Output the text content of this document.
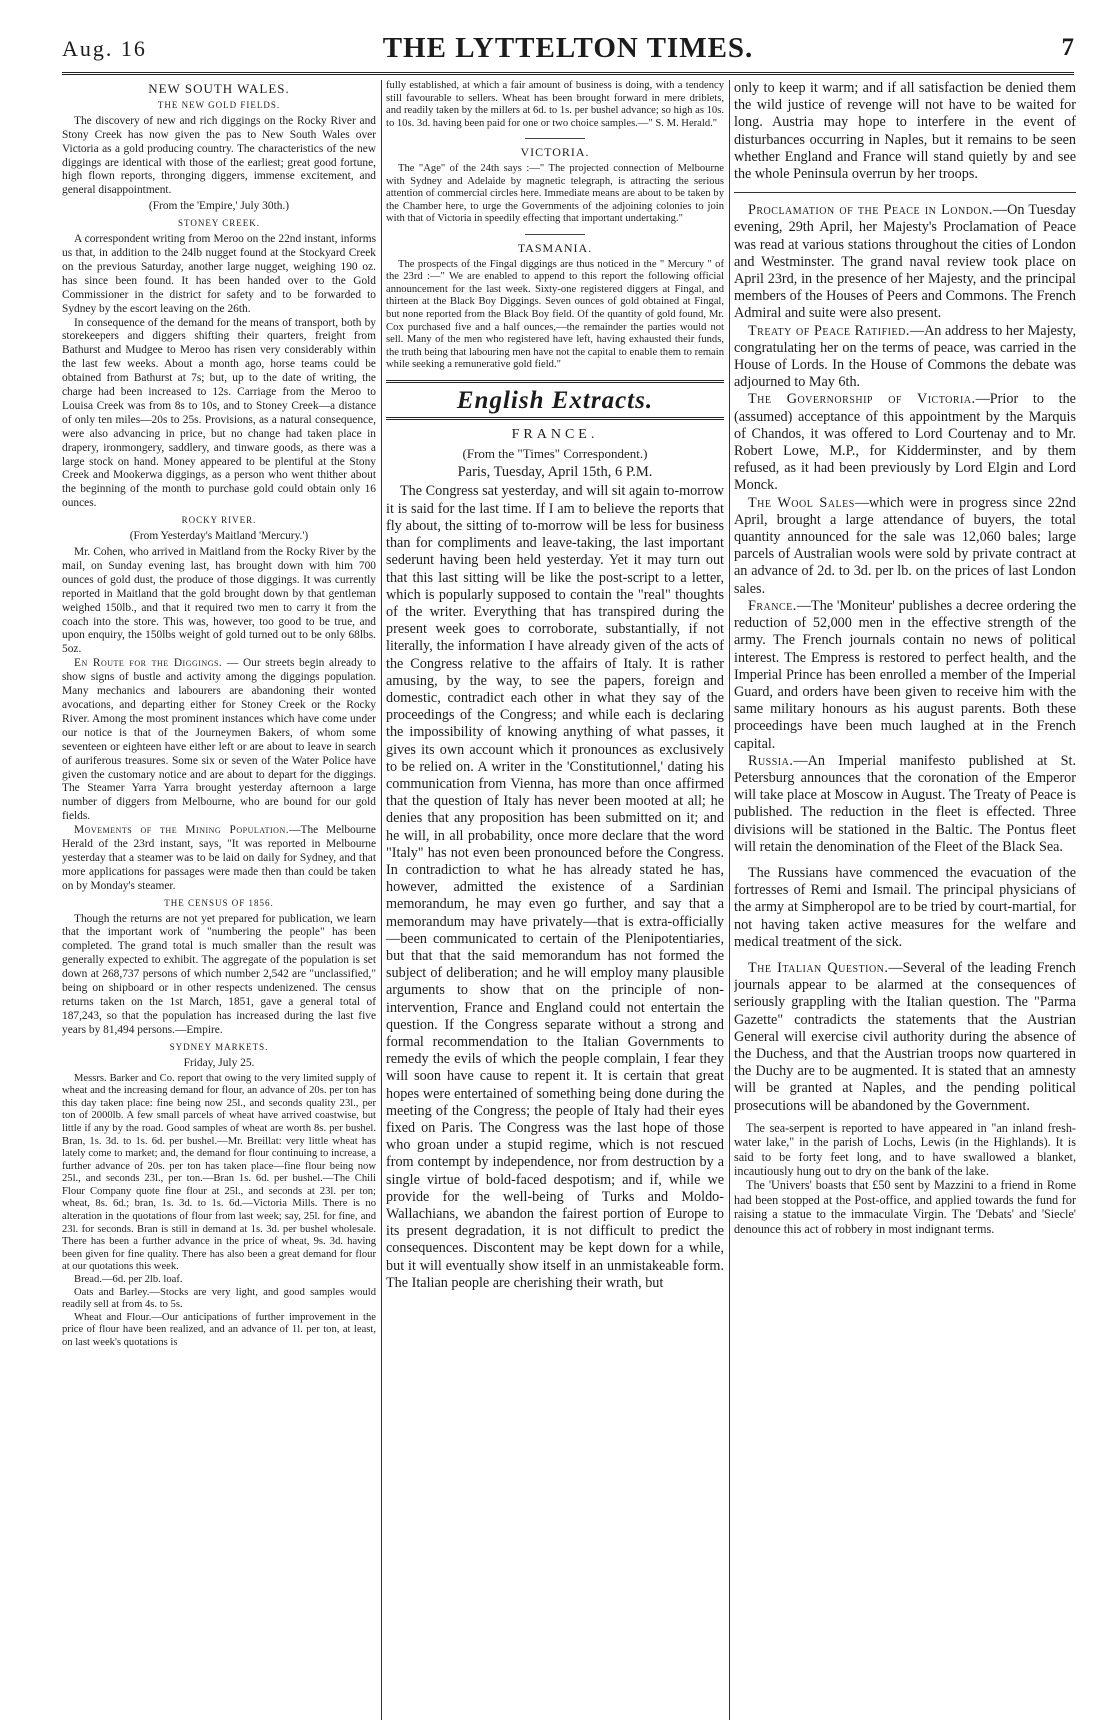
Aug. 16	THE LYTTELTON TIMES.	7

NEW SOUTH WALES.

THE NEW GOLD FIELDS.

The discovery of new and rich diggings on the Rocky River and Stony Creek has now given the pas to New South Wales over Victoria as a gold producing country. The characteristics of the new diggings are identical with those of the earliest; great good fortune, high flown reports, thronging diggers, immense excitement, and general disappointment.

(From the 'Empire,' July 30th.)

STONEY CREEK.

A correspondent writing from Meroo on the 22nd instant, informs us that, in addition to the 24lb nugget found at the Stockyard Creek on the previous Saturday, another large nugget, weighing 190 oz. has since been found. It has been handed over to the Gold Commissioner in the district for safety and to be forwarded to Sydney by the escort leaving on the 26th.

In consequence of the demand for the means of transport, both by storekeepers and diggers shifting their quarters, freight from Bathurst and Mudgee to Meroo has risen very considerably within the last few weeks. About a month ago, horse teams could be obtained from Bathurst at 7s; but, up to the date of writing, the charge had been increased to 12s. Carriage from the Meroo to Louisa Creek was from 8s to 10s, and to Stoney Creek—a distance of only ten miles—20s to 25s. Provisions, as a natural consequence, were also advancing in price, but no change had taken place in drapery, ironmongery, saddlery, and tinware goods, as there was a large stock on hand. Money appeared to be plentiful at the Stony Creek and Mookerwa diggings, as a person who went thither about the beginning of the month to purchase gold could obtain only 16 ounces.

ROCKY RIVER.

(From Yesterday's Maitland 'Mercury.')

Mr. Cohen, who arrived in Maitland from the Rocky River by the mail, on Sunday evening last, has brought down with him 700 ounces of gold dust, the produce of those diggings. It was currently reported in Maitland that the gold brought down by that gentleman weighed 150lb., and that it required two men to carry it from the coach into the store. This was, however, too good to be true, and upon enquiry, the 150lbs weight of gold turned out to be only 68lbs. 5oz.

En Route for the Diggings. — Our streets begin already to show signs of bustle and activity among the diggings population. Many mechanics and labourers are abandoning their wonted avocations, and departing either for Stoney Creek or the Rocky River. Among the most prominent instances which have come under our notice is that of the Journeymen Bakers, of whom some seventeen or eighteen have either left or are about to leave in search of auriferous treasures. Some six or seven of the Water Police have given the customary notice and are about to depart for the diggings. The Steamer Yarra Yarra brought yesterday afternoon a large number of diggers from Melbourne, who are bound for our gold fields.

Movements of the Mining Population.—The Melbourne Herald of the 23rd instant, says, "It was reported in Melbourne yesterday that a steamer was to be laid on daily for Sydney, and that more applications for passages were made then than could be taken on by Monday's steamer.

THE CENSUS OF 1856.

Though the returns are not yet prepared for publication, we learn that the important work of "numbering the people" has been completed. The grand total is much smaller than the result was generally expected to exhibit. The aggregate of the population is set down at 268,737 persons of which number 2,542 are "unclassified," being on shipboard or in other respects undenizened. The census returns taken on the 1st March, 1851, gave a general total of 187,243, so that the population has increased during the last five years by 81,494 persons.—Empire.

SYDNEY MARKETS.

Friday, July 25.

Messrs. Barker and Co. report that owing to the very limited supply of wheat and the increasing demand for flour, an advance of 20s. per ton has this day taken place: fine being now 25l., and seconds quality 23l., per ton of 2000lb. A few small parcels of wheat have arrived coastwise, but little if any by the road. Good samples of wheat are worth 8s. per bushel. Bran, 1s. 3d. to 1s. 6d. per bushel.—Mr. Breillat: very little wheat has lately come to market; and, the demand for flour continuing to increase, a further advance of 20s. per ton has taken place—fine flour being now 25l., and seconds 23l., per ton.—Bran 1s. 6d. per bushel.—The Chili Flour Company quote fine flour at 25l., and seconds at 23l. per ton; wheat, 8s. 6d.; bran, 1s. 3d. to 1s. 6d.—Victoria Mills. There is no alteration in the quotations of flour from last week; say, 25l. for fine, and 23l. for seconds. Bran is still in demand at 1s. 3d. per bushel wholesale. There has been a further advance in the price of wheat, 9s. 3d. having been given for fine quality. There has also been a great demand for flour at our quotations this week.

Bread.—6d. per 2lb. loaf.

Oats and Barley.—Stocks are very light, and good samples would readily sell at from 4s. to 5s.

Wheat and Flour.—Our anticipations of further improvement in the price of flour have been realized, and an advance of 1l. per ton, at least, on last week's quotations is

fully established, at which a fair amount of business is doing, with a tendency still favourable to sellers. Wheat has been brought forward in mere driblets, and readily taken by the millers at 6d. to 1s. per bushel advance; so high as 10s. to 10s. 3d. having been paid for one or two choice samples.—" S. M. Herald."

VICTORIA.

The "Age" of the 24th says :—" The projected connection of Melbourne with Sydney and Adelaide by magnetic telegraph, is attracting the serious attention of commercial circles here. Immediate means are about to be taken by the Chamber here, to urge the Governments of the adjoining colonies to join with that of Victoria in speedily effecting that important undertaking."

TASMANIA.

The prospects of the Fingal diggings are thus noticed in the " Mercury " of the 23rd :—" We are enabled to append to this report the following official announcement for the last week. Sixty-one registered diggers at Fingal, and thirteen at the Black Boy Diggings. Seven ounces of gold obtained at Fingal, but none reported from the Black Boy field. Of the quantity of gold found, Mr. Cox purchased five and a half ounces,—the remainder the parties would not sell. Many of the men who registered have left, having exhausted their funds, the truth being that labouring men have not the capital to enable them to remain while seeking a remunerative gold field."

English Extracts.

FRANCE.

(From the "Times" Correspondent.)

Paris, Tuesday, April 15th, 6 P.M.

The Congress sat yesterday, and will sit again to-morrow it is said for the last time. If I am to believe the reports that fly about, the sitting of to-morrow will be less for business than for compliments and leave-taking, the last important sederunt having been held yesterday. Yet it may turn out that this last sitting will be like the post-script to a letter, which is popularly supposed to contain the "real" thoughts of the writer. Everything that has transpired during the present week goes to corroborate, substantially, if not literally, the information I have already given of the acts of the Congress relative to the affairs of Italy. It is rather amusing, by the way, to see the papers, foreign and domestic, contradict each other in what they say of the proceedings of the Congress; and while each is declaring the impossibility of knowing anything of what passes, it gives its own account which it pronounces as exclusively to be relied on. A writer in the 'Constitutionnel,' dating his communication from Vienna, has more than once affirmed that the question of Italy has never been mooted at all; he denies that any proposition has been submitted on it; and he will, in all probability, once more declare that the word "Italy" has not even been pronounced before the Congress. In contradiction to what he has already stated he has, however, admitted the existence of a Sardinian memorandum, he may even go further, and say that a memorandum may have privately—that is extra-officially—been communicated to certain of the Plenipotentiaries, but that that the said memorandum has not formed the subject of deliberation; and he will employ many plausible arguments to show that on the principle of non-intervention, France and England could not entertain the question. If the Congress separate without a strong and formal recommendation to the Italian Governments to remedy the evils of which the people complain, I fear they will soon have cause to repent it. It is certain that great hopes were entertained of something being done during the meeting of the Congress; the people of Italy had their eyes fixed on Paris. The Congress was the last hope of those who groan under a stupid regime, which is not rescued from contempt by independence, nor from destruction by a single virtue of bold-faced despotism; and if, while we provide for the well-being of Turks and Moldo-Wallachians, we abandon the fairest portion of Europe to its present degradation, it is not difficult to predict the consequences. Discontent may be kept down for a while, but it will eventually show itself in an unmistakeable form. The Italian people are cherishing their wrath, but

only to keep it warm; and if all satisfaction be denied them the wild justice of revenge will not have to be waited for long. Austria may hope to interfere in the event of disturbances occurring in Naples, but it remains to be seen whether England and France will stand quietly by and see the whole Peninsula overrun by her troops.

Proclamation of the Peace in London.—On Tuesday evening, 29th April, her Majesty's Proclamation of Peace was read at various stations throughout the cities of London and Westminster. The grand naval review took place on April 23rd, in the presence of her Majesty, and the principal members of the Houses of Peers and Commons. The French Admiral and suite were also present.

Treaty of Peace Ratified.—An address to her Majesty, congratulating her on the terms of peace, was carried in the House of Lords. In the House of Commons the debate was adjourned to May 6th.

The Governorship of Victoria.—Prior to the (assumed) acceptance of this appointment by the Marquis of Chandos, it was offered to Lord Courtenay and to Mr. Robert Lowe, M.P., for Kidderminster, and by them refused, as it had been previously by Lord Elgin and Lord Monck.

The Wool Sales—which were in progress since 22nd April, brought a large attendance of buyers, the total quantity announced for the sale was 12,060 bales; large parcels of Australian wools were sold by private contract at an advance of 2d. to 3d. per lb. on the prices of last London sales.

France.—The 'Moniteur' publishes a decree ordering the reduction of 52,000 men in the effective strength of the army. The French journals contain no news of political interest. The Empress is restored to perfect health, and the Imperial Prince has been enrolled a member of the Imperial Guard, and orders have been given to receive him with the same military honours as his august parents. Both these proceedings have been much laughed at in the French capital.

Russia.—An Imperial manifesto published at St. Petersburg announces that the coronation of the Emperor will take place at Moscow in August. The Treaty of Peace is published. The reduction in the fleet is effected. Three divisions will be stationed in the Baltic. The Pontus fleet will retain the denomination of the Fleet of the Black Sea.

The Russians have commenced the evacuation of the fortresses of Remi and Ismail. The principal physicians of the army at Simpheropol are to be tried by court-martial, for not having taken active measures for the welfare and medical treatment of the sick.

The Italian Question.—Several of the leading French journals appear to be alarmed at the consequences of seriously grappling with the Italian question. The "Parma Gazette" contradicts the statements that the Austrian General will exercise civil authority during the absence of the Duchess, and that the Austrian troops now quartered in the Duchy are to be augmented. It is stated that an amnesty will be granted at Naples, and the pending political prosecutions will be abandoned by the Government.

The sea-serpent is reported to have appeared in "an inland fresh-water lake," in the parish of Lochs, Lewis (in the Highlands). It is said to be forty feet long, and to have swallowed a blanket, incautiously hung out to dry on the bank of the lake.

The 'Univers' boasts that £50 sent by Mazzini to a friend in Rome had been stopped at the Post-office, and applied towards the fund for raising a statue to the immaculate Virgin. The 'Debats' and 'Siecle' denounce this act of robbery in most indignant terms.
